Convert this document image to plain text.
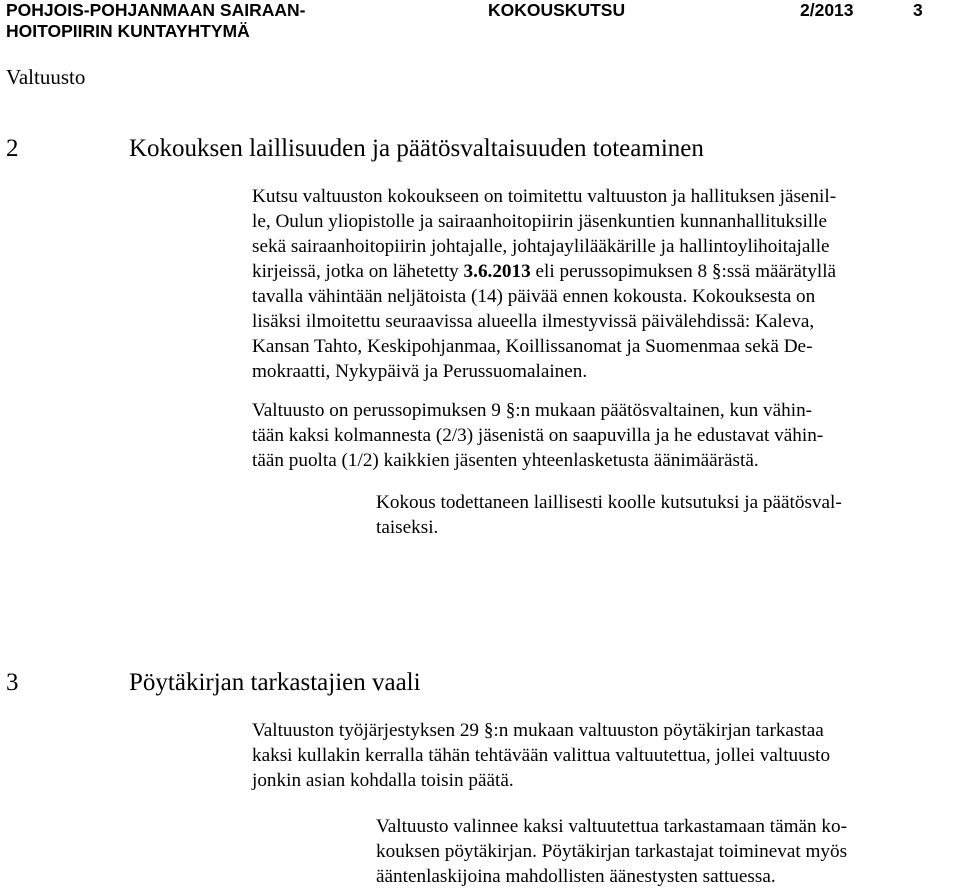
POHJOIS-POHJANMAAN SAIRAAN-
HOITOPIIRIN KUNTAYHTYMÄ
KOKOUSKUTSU	2/2013	3
Valtuusto
2	Kokouksen laillisuuden ja päätösvaltaisuuden toteaminen
Kutsu valtuuston kokoukseen on toimitettu valtuuston ja hallituksen jäsenil-
le, Oulun yliopistolle ja sairaanhoitopiirin jäsenkuntien kunnanhallituksille
sekä sairaanhoitopiirin johtajalle, johtajaylilääkärille ja hallintoylihoitajalle
kirjeissä, jotka on lähetetty 3.6.2013 eli perussopimuksen 8 §:ssä määrätyllä
tavalla vähintään neljätoista (14) päivää ennen kokousta. Kokouksesta on
lisäksi ilmoitettu seuraavissa alueella ilmestyvissä päivälehdissä: Kaleva,
Kansan Tahto, Keskipohjanmaa, Koillissanomat ja Suomenmaa sekä De-
mokraatti, Nykypäivä ja Perussuomalainen.
Valtuusto on perussopimuksen 9 §:n mukaan päätösvaltainen, kun vähin-
tään kaksi kolmannesta (2/3) jäsenistä on saapuvilla ja he edustavat vähin-
tään puolta (1/2) kaikkien jäsenten yhteenlasketusta äänimäärästä.
Kokous todettaneen laillisesti koolle kutsutuksi ja päätösval-
taiseksi.
3	Pöytäkirjan tarkastajien vaali
Valtuuston työjärjestyksen 29 §:n mukaan valtuuston pöytäkirjan tarkastaa
kaksi kullakin kerralla tähän tehtävään valittua valtuutettua, jollei valtuusto
jonkin asian kohdalla toisin päätä.
Valtuusto valinnee kaksi valtuutettua tarkastamaan tämän ko-
kouksen pöytäkirjan. Pöytäkirjan tarkastajat toiminevat myös
ääntenlaskijoina mahdollisten äänestysten sattuessa.
